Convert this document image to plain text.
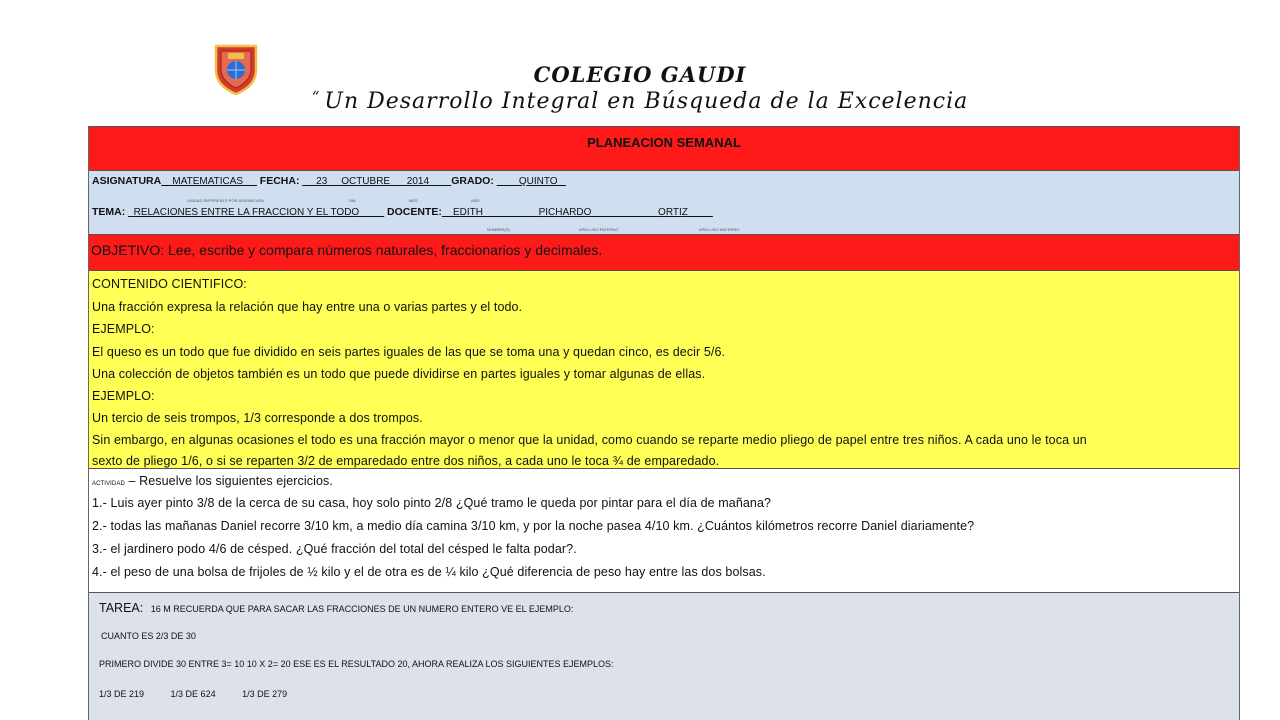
COLEGIO GAUDI
“ Un Desarrollo Integral en Búsqueda de la Excelencia
PLANEACION SEMANAL
ASIGNATURA MATEMATICAS FECHA: 23 OCTUBRE 2014 GRADO:	QUINTO
UNIDAD REFERENTE POR ASIGNATURA	DÍA	MES	AÑO
TEMA: RELACIONES ENTRE LA FRACCION Y EL TODO	DOCENTE: EDITH	PICHARDO	ORTIZ
NOMBRE(S)	APELLIDO PATERNO	APELLIDO MATERNO
OBJETIVO: Lee, escribe y compara números naturales, fraccionarios y decimales.
CONTENIDO CIENTIFICO:
Una fracción expresa la relación que hay entre una o varias partes y el todo.
EJEMPLO:
El queso es un todo que fue dividido en seis partes iguales de las que se toma una y quedan cinco, es decir 5/6.
Una colección de objetos también es un todo que puede dividirse en partes iguales y tomar algunas de ellas.
EJEMPLO:
Un tercio de seis trompos, 1/3 corresponde a dos trompos.
Sin embargo, en algunas ocasiones el todo es una fracción mayor o menor que la unidad, como cuando se reparte medio pliego de papel entre tres niños. A cada uno le toca un
sexto de pliego 1/6, o si se reparten 3/2 de emparedado entre dos niños, a cada uno le toca ¾ de emparedado.
ACTIVIDAD – Resuelve los siguientes ejercicios.
1.- Luis ayer pinto 3/8 de la cerca de su casa, hoy solo pinto 2/8 ¿Qué tramo le queda por pintar para el día de mañana?
2.- todas las mañanas Daniel recorre 3/10 km, a medio día camina 3/10 km, y por la noche pasea 4/10 km. ¿Cuántos kilómetros recorre Daniel diariamente?
3.- el jardinero podo 4/6 de césped. ¿Qué fracción del total del césped le falta podar?.
4.- el peso de una bolsa de frijoles de ½ kilo y el de otra es de ¼ kilo ¿Qué diferencia de peso hay entre las dos bolsas.
TAREA: 16 M RECUERDA QUE PARA SACAR LAS FRACCIONES DE UN NUMERO ENTERO VE EL EJEMPLO:
CUANTO ES 2/3 DE 30
PRIMERO DIVIDE 30 ENTRE 3= 10 10 X 2= 20 ESE ES EL RESULTADO 20, AHORA REALIZA LOS SIGUIENTES EJEMPLOS:
1/3 DE 219	1/3 DE 624	1/3 DE 279
